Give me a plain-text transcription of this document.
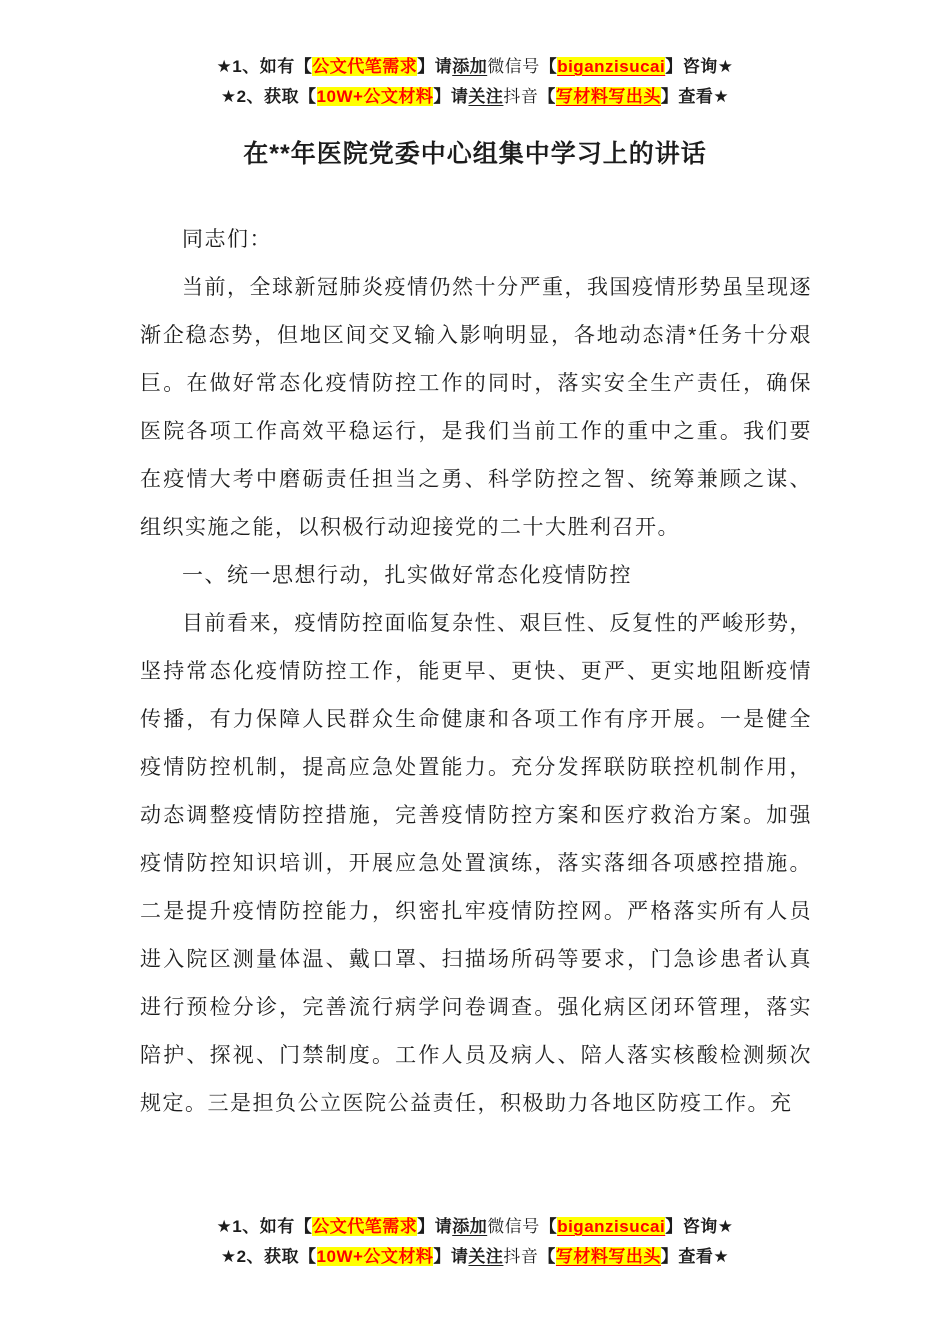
★1、如有【公文代笔需求】请添加微信号【biganzisucai】咨询★
★2、获取【10W+公文材料】请关注抖音【写材料写出头】查看★
在**年医院党委中心组集中学习上的讲话

同志们：

当前，全球新冠肺炎疫情仍然十分严重，我国疫情形势虽呈现逐渐企稳态势，但地区间交叉输入影响明显，各地动态清*任务十分艰巨。在做好常态化疫情防控工作的同时，落实安全生产责任，确保医院各项工作高效平稳运行，是我们当前工作的重中之重。我们要在疫情大考中磨砺责任担当之勇、科学防控之智、统筹兼顾之谋、组织实施之能，以积极行动迎接党的二十大胜利召开。

一、统一思想行动，扎实做好常态化疫情防控

目前看来，疫情防控面临复杂性、艰巨性、反复性的严峻形势，坚持常态化疫情防控工作，能更早、更快、更严、更实地阻断疫情传播，有力保障人民群众生命健康和各项工作有序开展。一是健全疫情防控机制，提高应急处置能力。充分发挥联防联控机制作用，动态调整疫情防控措施，完善疫情防控方案和医疗救治方案。加强疫情防控知识培训，开展应急处置演练，落实落细各项感控措施。二是提升疫情防控能力，织密扎牢疫情防控网。严格落实所有人员进入院区测量体温、戴口罩、扫描场所码等要求，门急诊患者认真进行预检分诊，完善流行病学问卷调查。强化病区闭环管理，落实陪护、探视、门禁制度。工作人员及病人、陪人落实核酸检测频次规定。三是担负公立医院公益责任，积极助力各地区防疫工作。充

★1、如有【公文代笔需求】请添加微信号【biganzisucai】咨询★
★2、获取【10W+公文材料】请关注抖音【写材料写出头】查看★
